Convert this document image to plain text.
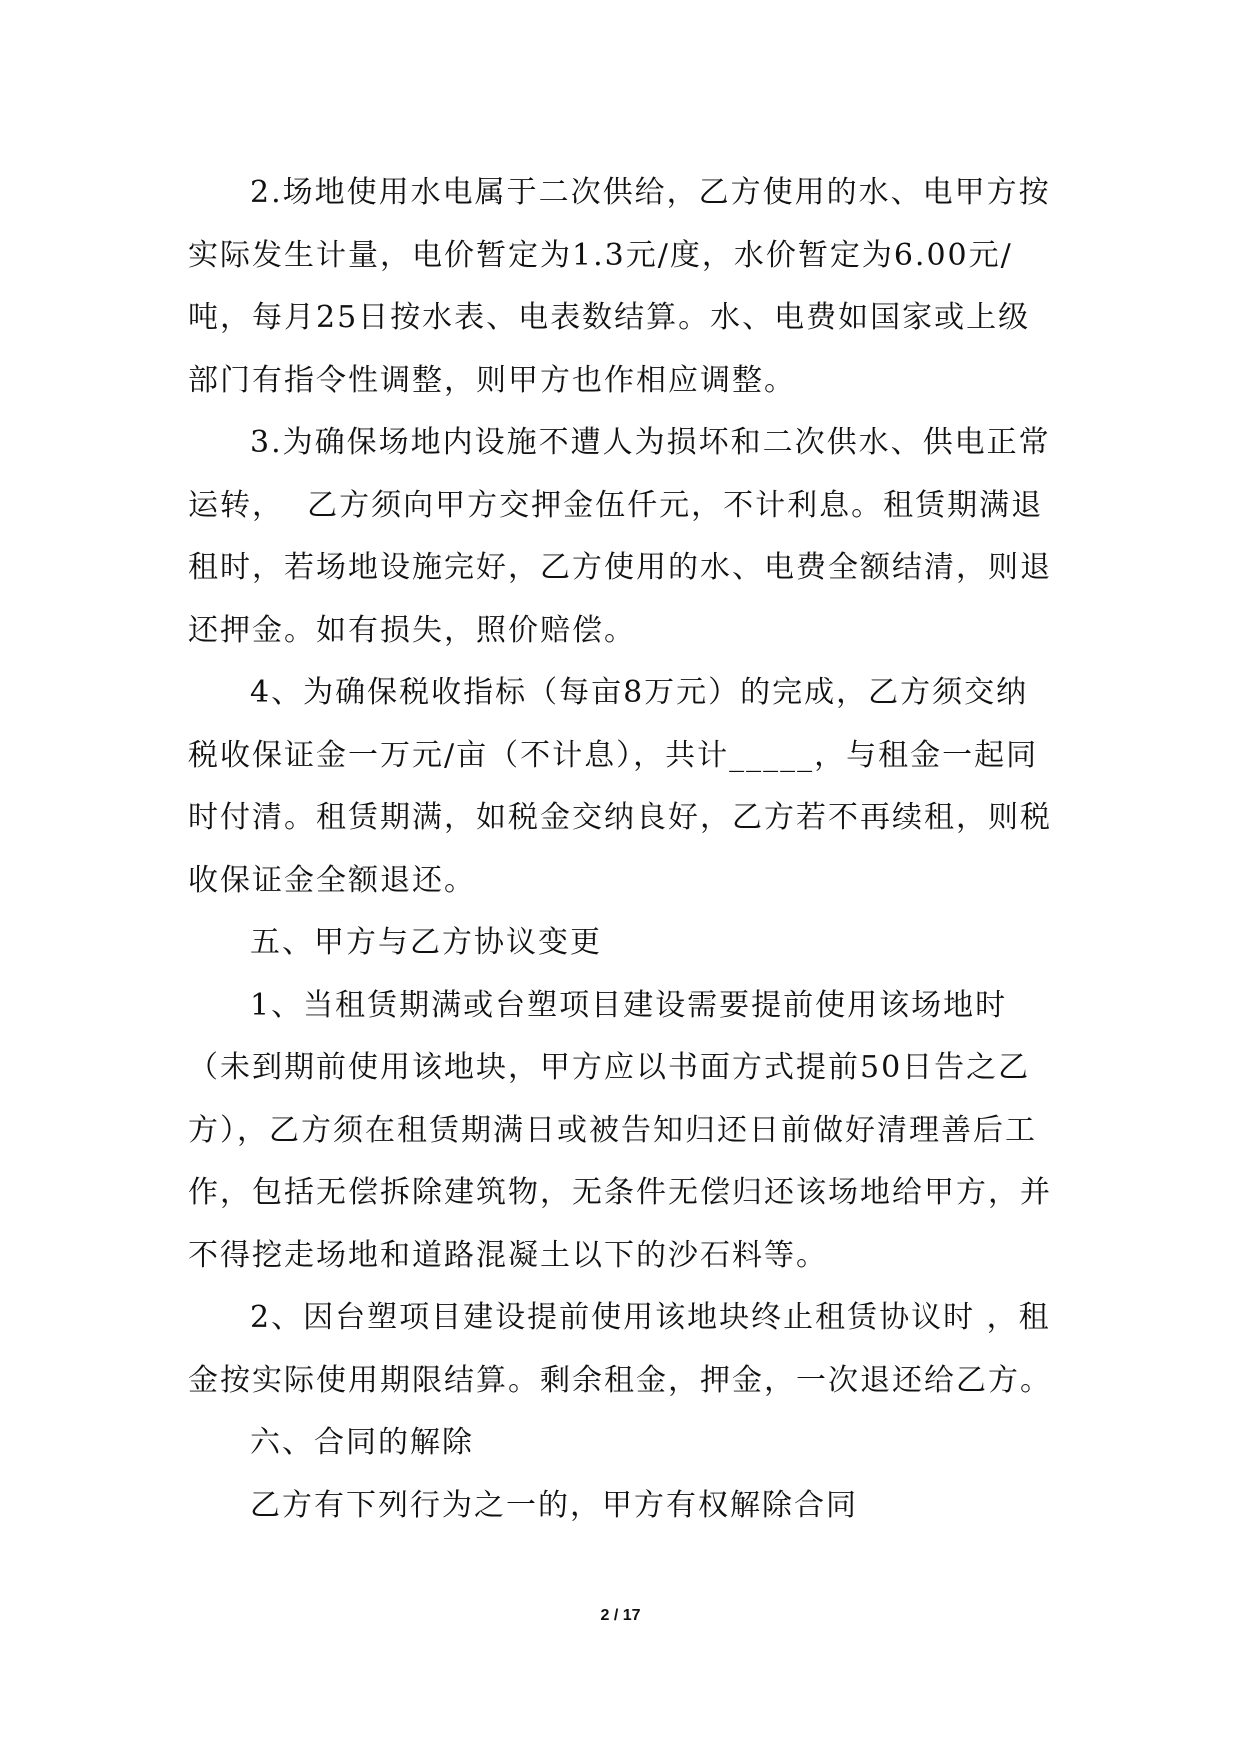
2.场地使用水电属于二次供给，乙方使用的水、电甲方按实际发生计量，电价暂定为1.3元/度，水价暂定为6.00元/吨，每月25日按水表、电表数结算。水、电费如国家或上级部门有指令性调整，则甲方也作相应调整。

3.为确保场地内设施不遭人为损坏和二次供水、供电正常运转，  乙方须向甲方交押金伍仟元，不计利息。租赁期满退租时，若场地设施完好，乙方使用的水、电费全额结清，则退还押金。如有损失，照价赔偿。

4、为确保税收指标（每亩8万元）的完成，乙方须交纳税收保证金一万元/亩（不计息），共计_____，与租金一起同时付清。租赁期满，如税金交纳良好，乙方若不再续租，则税收保证金全额退还。

五、甲方与乙方协议变更

1、当租赁期满或台塑项目建设需要提前使用该场地时（未到期前使用该地块，甲方应以书面方式提前50日告之乙方），乙方须在租赁期满日或被告知归还日前做好清理善后工作，包括无偿拆除建筑物，无条件无偿归还该场地给甲方，并不得挖走场地和道路混凝土以下的沙石料等。

2、因台塑项目建设提前使用该地块终止租赁协议时 ，租金按实际使用期限结算。剩余租金，押金，一次退还给乙方。

六、合同的解除

乙方有下列行为之一的，甲方有权解除合同

2 / 17
